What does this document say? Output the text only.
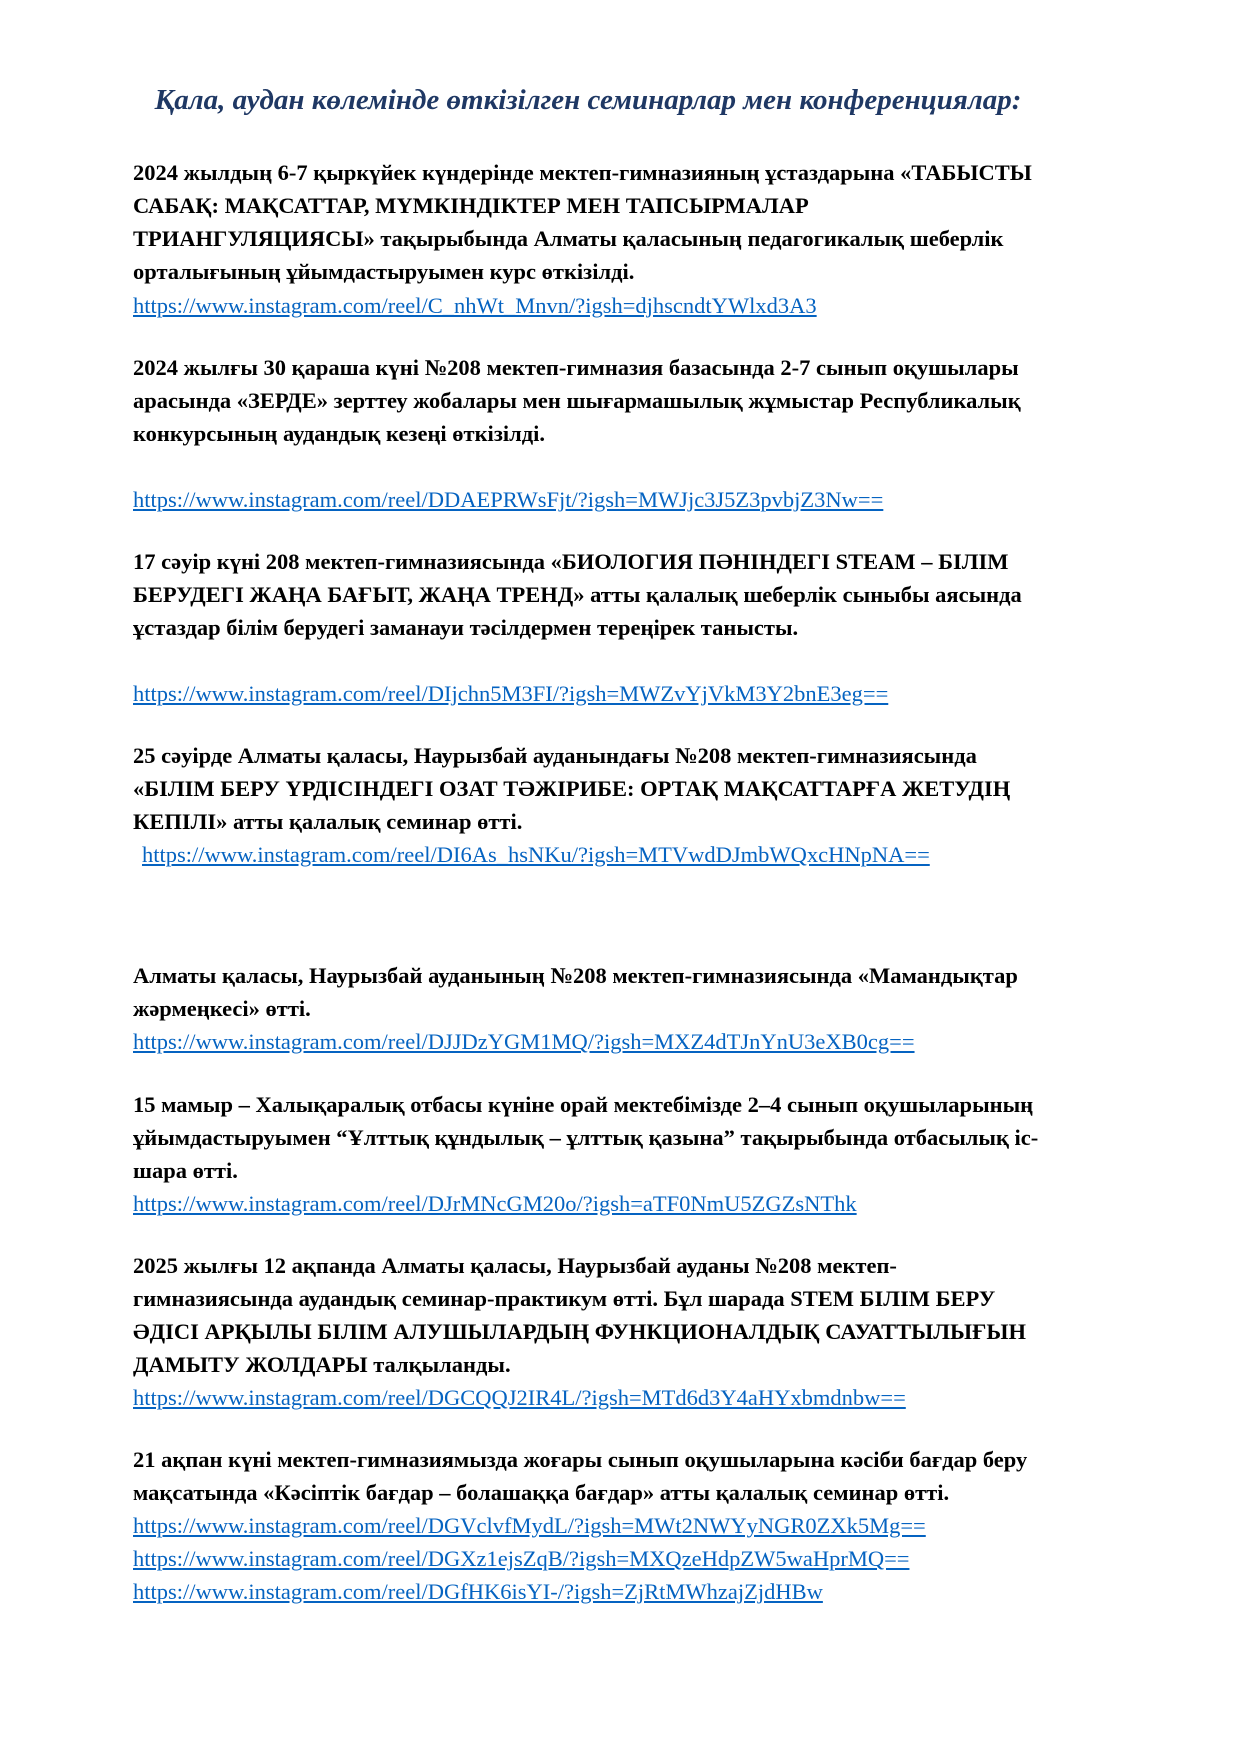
Қала, аудан көлемінде өткізілген семинарлар мен конференциялар:

2024 жылдың 6-7 қыркүйек күндерінде мектеп-гимназияның ұстаздарына «ТАБЫСТЫ САБАҚ: МАҚСАТТАР, МҮМКІНДІКТЕР МЕН ТАПСЫРМАЛАР ТРИАНГУЛЯЦИЯСЫ» тақырыбында Алматы қаласының педагогикалық шеберлік орталығының ұйымдастыруымен курс өткізілді.

https://www.instagram.com/reel/C_nhWt_Mnvn/?igsh=djhscndtYWlxd3A3

2024 жылғы 30 қараша күні №208 мектеп-гимназия базасында 2-7 сынып оқушылары арасында «ЗЕРДЕ» зерттеу жобалары мен шығармашылық жұмыстар Республикалық конкурсының аудандық кезеңі өткізілді.

https://www.instagram.com/reel/DDAEPRWsFjt/?igsh=MWJjc3J5Z3pvbjZ3Nw==

17 сәуір күні 208 мектеп-гимназиясында «БИОЛОГИЯ ПӘНІНДЕГІ STEAM – БІЛІМ БЕРУДЕГІ ЖАҢА БАҒЫТ, ЖАҢА ТРЕНД» атты қалалық шеберлік сыныбы аясында ұстаздар білім берудегі заманауи тәсілдермен тереңірек танысты.

https://www.instagram.com/reel/DIjchn5M3FI/?igsh=MWZvYjVkM3Y2bnE3eg==

25 сәуірде Алматы қаласы, Наурызбай ауданындағы №208 мектеп-гимназиясында «БІЛІМ БЕРУ ҮРДІСІНДЕГІ ОЗАТ ТӘЖІРИБЕ: ОРТАҚ МАҚСАТТАРҒА ЖЕТУДІҢ КЕПІЛІ» атты қалалық семинар өтті.

https://www.instagram.com/reel/DI6As_hsNKu/?igsh=MTVwdDJmbWQxcHNpNA==

Алматы қаласы, Наурызбай ауданының №208 мектеп-гимназиясында «Мамандықтар жәрмеңкесі» өтті.

https://www.instagram.com/reel/DJJDzYGM1MQ/?igsh=MXZ4dTJnYnU3eXB0cg==

15 мамыр – Халықаралық отбасы күніне орай мектебімізде 2–4 сынып оқушыларының ұйымдастыруымен “Ұлттық құндылық – ұлттық қазына” тақырыбында отбасылық іс-шара өтті.

https://www.instagram.com/reel/DJrMNcGM20o/?igsh=aTF0NmU5ZGZsNThk

2025 жылғы 12 ақпанда Алматы қаласы, Наурызбай ауданы №208 мектеп-гимназиясында аудандық семинар-практикум өтті. Бұл шарада STEM БІЛІМ БЕРУ ӘДІСІ АРҚЫЛЫ БІЛІМ АЛУШЫЛАРДЫҢ ФУНКЦИОНАЛДЫҚ САУАТТЫЛЫҒЫН ДАМЫТУ ЖОЛДАРЫ талқыланды.

https://www.instagram.com/reel/DGCQQJ2IR4L/?igsh=MTd6d3Y4aHYxbmdnbw==

21 ақпан күні мектеп-гимназиямызда жоғары сынып оқушыларына кәсіби бағдар беру мақсатында «Кәсіптік бағдар – болашаққа бағдар» атты қалалық семинар өтті.

https://www.instagram.com/reel/DGVclvfMydL/?igsh=MWt2NWYyNGR0ZXk5Mg==
https://www.instagram.com/reel/DGXz1ejsZqB/?igsh=MXQzeHdpZW5waHprMQ==
https://www.instagram.com/reel/DGfHK6isYI-/?igsh=ZjRtMWhzajZjdHBw
